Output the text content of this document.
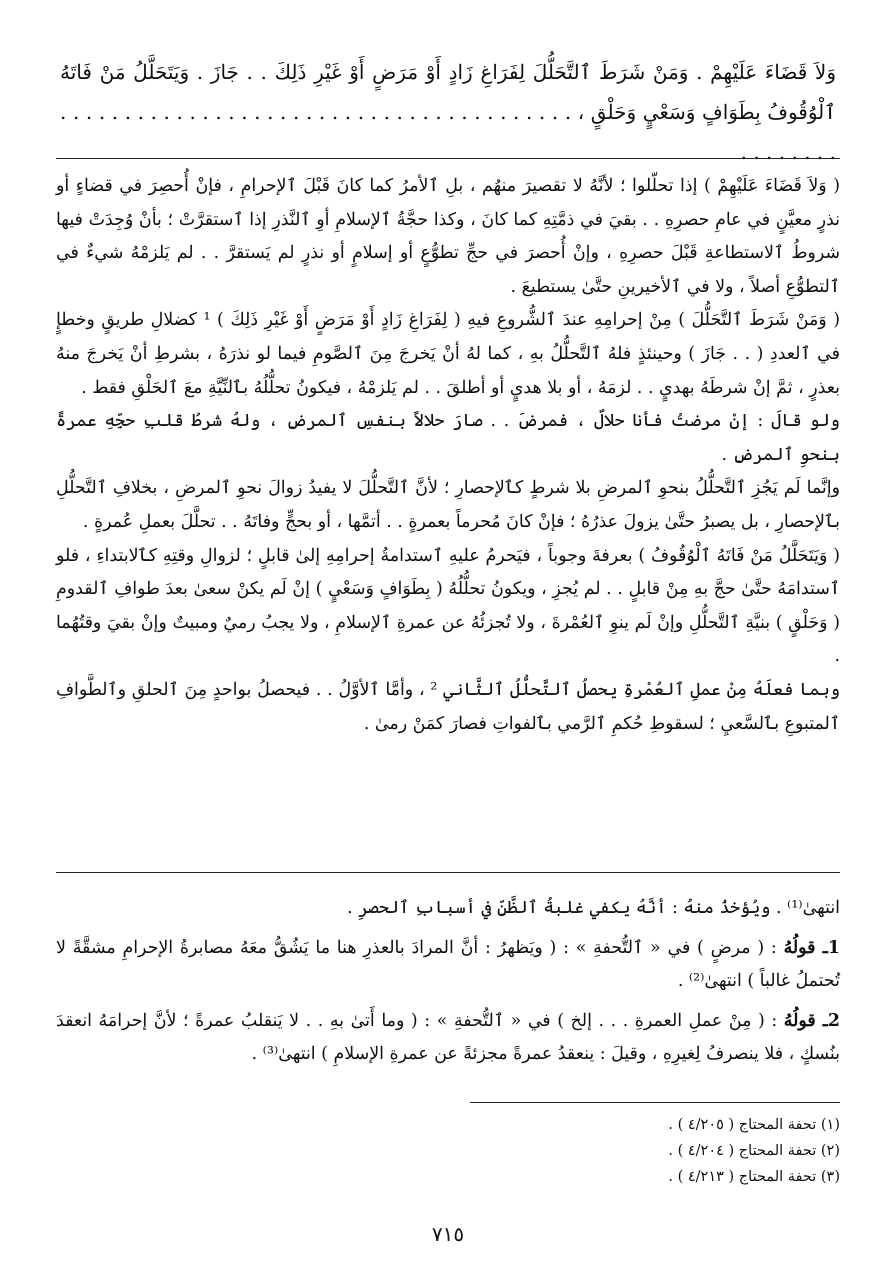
وَلاَ قَضَاءَ عَلَيْهِمْ . وَمَنْ شَرَطَ ٱلتَّحَلُّلَ لِفَرَاغِ زَادٍ أَوْ مَرَضٍ أَوْ غَيْرِ ذَلِكَ . . جَازَ . وَيَتَحَلَّلُ مَنْ فَاتَهُ ٱلْوُقُوفُ بِطَوَافٍ وَسَعْيٍ وَحَلْقٍ ، . . . . . . . . . . . . . . . . . . . . . . . . . . . . . . . . . . . . . . . . . . . . . . . .

( وَلاَ قَضَاءَ عَلَيْهِمْ ) إذا تحلّلوا ؛ لأنَّهُ لا تقصيرَ منهُم ، بلِ ٱلأمرُ كما كانَ قَبْلَ ٱلإحرامِ ، فإنْ أُحصِرَ في قضاءٍ أو نذرٍ معيَّنٍ في عامِ حصرِهِ . . بقيَ في ذمَّتِهِ كما كانَ ، وكذا حجَّةُ ٱلإسلامِ أوِ ٱلنَّذرِ إذا ٱستقرَّتْ ؛ بأنْ وُجِدَتْ فيها شروطُ ٱلاستطاعةِ قَبْلَ حصرِهِ ، وإنْ أُحصرَ في حجِّ تطوُّعٍ أو إسلامٍ أو نذرٍ لم يَستقرَّ . . لم يَلزمْهُ شيءٌ في ٱلتطوُّعِ أصلاً ، ولا في ٱلأخيرينِ حتَّىٰ يستطيعَ .

( وَمَنْ شَرَطَ ٱلتَّحَلُّلَ ) مِنْ إحرامِهِ عندَ ٱلشُّروعِ فيهِ ( لِفَرَاغِ زَادٍ أَوْ مَرَضٍ أَوْ غَيْرِ ذَلِكَ ) ¹ كضلالِ طريقٍ وخطإٍ في ٱلعددِ ( . . جَازَ ) وحينئذٍ فلهُ ٱلتَّحلُّلُ بهِ ، كما لهُ أنْ يَخرجَ مِنَ ٱلصَّومِ فيما لو نذرَهُ ، بشرطِ أنْ يَخرجَ منهُ بعذرٍ ، ثمَّ إنْ شرطَهُ بهديٍ . . لزمَهُ ، أو بلا هديٍ أو أطلقَ . . لم يَلزمْهُ ، فيكونُ تحلُّلُهُ بٱلنِّيَّةِ معَ ٱلحَلْقِ فقط .

ولو قالَ : إنْ مرضتُ فأنا حلالٌ ، فمرضَ . . صارَ حلالاً بنفسِ ٱلمرضِ ، ولهُ شرطُ قلبِ حجِّهِ عمرةً بنحوِ ٱلمرضِ .

وإنَّما لَم يَجُزِ ٱلتَّحلُّلُ بنحوِ ٱلمرضِ بلا شرطٍ كٱلإحصارِ ؛ لأنَّ ٱلتَّحلُّلَ لا يفيدُ زوالَ نحوِ ٱلمرضِ ، بخلافِ ٱلتَّحلُّلِ بٱلإحصارِ ، بل يصبرُ حتَّىٰ يزولَ عذرُهُ ؛ فإنْ كانَ مُحرماً بعمرةٍ . . أتمَّها ، أو بحجٍّ وفاتَهُ . . تحلَّلَ بعملِ عُمرةٍ .

( وَيَتَحَلَّلُ مَنْ فَاتَهُ ٱلْوُقُوفُ ) بعرفةَ وجوباً ، فيَحرمُ عليهِ ٱستدامةُ إحرامِهِ إلىٰ قابلٍ ؛ لزوالِ وقتِهِ كٱلابتداءِ ، فلو ٱستدامَهُ حتَّىٰ حجَّ بهِ مِنْ قابلٍ . . لم يُجزِ ، ويكونُ تحلُّلُهُ ( بِطَوَافٍ وَسَعْيٍ ) إنْ لَم يكنْ سعىٰ بعدَ طوافِ ٱلقدومِ ( وَحَلْقٍ ) بنيَّةِ ٱلتَّحلُّلِ وإنْ لَم ينوِ ٱلعُمْرةَ ، ولا تُجزئُهُ عن عمرةِ ٱلإسلامِ ، ولا يجبُ رميٌ ومبيتٌ وإنْ بقيَ وقتُهُما .

وبما فعلَهُ مِنْ عملِ ٱلعُمْرةِ يحصلُ ٱلتَّحلُّلُ ٱلثَّاني ² ، وأمَّا ٱلأوَّلُ . . فيحصلُ بواحدٍ مِنَ ٱلحلقِ وٱلطَّوافِ ٱلمتبوعِ بٱلسَّعيِ ؛ لسقوطِ حُكمِ ٱلرَّمي بٱلفواتِ فصارَ كمَنْ رمىٰ .

انتهىٰ⁽¹⁾ . ويُؤخذُ منهُ : أنَّهُ يكفي غلبةُ ٱلظَّنِّ في أسبابِ ٱلحصرِ .

1ـ قولُهُ : ( مرضٍ ) في « ٱلتُّحفةِ » : ( ويَظهرُ : أنَّ المرادَ بالعذرِ هنا ما يَشُقُّ معَهُ مصابرةُ الإحرامِ مشقَّةً لا تُحتملُ غالباً ) انتهىٰ⁽²⁾ .

2ـ قولُهُ : ( مِنْ عملِ العمرةِ . . . إلخ ) في « ٱلتُّحفةِ » : ( وما أَتىٰ بهِ . . لا يَنقلبُ عمرةً ؛ لأنَّ إحرامَهُ انعقدَ بنُسكٍ ، فلا ينصرفُ لِغيرِهِ ، وقيلَ : ينعقدُ عمرةً مجزئةً عن عمرةِ الإسلامِ ) انتهىٰ⁽³⁾ .

(١) تحفة المحتاج ( ٤/٢٠٥ ) .
(٢) تحفة المحتاج ( ٤/٢٠٤ ) .
(٣) تحفة المحتاج ( ٤/٢١٣ ) .
٧١٥
